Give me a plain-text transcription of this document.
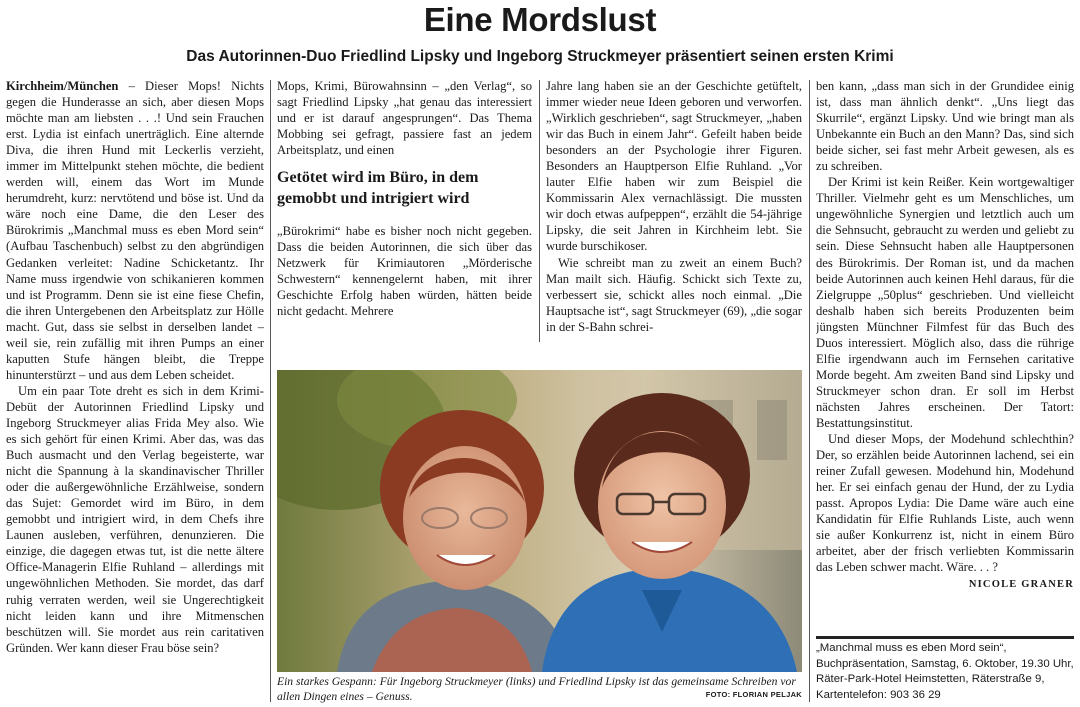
Eine Mordslust
Das Autorinnen-Duo Friedlind Lipsky und Ingeborg Struckmeyer präsentiert seinen ersten Krimi

Kirchheim/München – Dieser Mops! Nichts gegen die Hunderasse an sich, aber diesen Mops möchte man am liebsten . . .! Und sein Frauchen erst. Lydia ist einfach unerträglich. Eine alternde Diva, die ihren Hund mit Leckerlis verzieht, immer im Mittelpunkt stehen möchte, die bedient werden will, einem das Wort im Munde herumdreht, kurz: nervtötend und böse ist. Und da wäre noch eine Dame, die den Leser des Bürokrimis „Manchmal muss es eben Mord sein“ (Aufbau Taschenbuch) selbst zu den abgründigen Gedanken verleitet: Nadine Schicketantz. Ihr Name muss irgendwie von schikanieren kommen und ist Programm. Denn sie ist eine fiese Chefin, die ihren Untergebenen den Arbeitsplatz zur Hölle macht. Gut, dass sie selbst in derselben landet – weil sie, rein zufällig mit ihren Pumps an einer kaputten Stufe hängen bleibt, die Treppe hinunterstürzt – und aus dem Leben scheidet.

Um ein paar Tote dreht es sich in dem Krimi-Debüt der Autorinnen Friedlind Lipsky und Ingeborg Struckmeyer alias Frida Mey also. Wie es sich gehört für einen Krimi. Aber das, was das Buch ausmacht und den Verlag begeisterte, war nicht die Spannung à la skandinavischer Thriller oder die außergewöhnliche Erzählweise, sondern das Sujet: Gemordet wird im Büro, in dem gemobbt und intrigiert wird, in dem Chefs ihre Launen ausleben, verführen, denunzieren. Die einzige, die dagegen etwas tut, ist die nette ältere Office-Managerin Elfie Ruhland – allerdings mit ungewöhnlichen Methoden. Sie mordet, das darf ruhig verraten werden, weil sie Ungerechtigkeit nicht leiden kann und ihre Mitmenschen beschützen will. Sie mordet aus rein caritativen Gründen. Wer kann dieser Frau böse sein?

Mops, Krimi, Bürowahnsinn – „den Verlag“, so sagt Friedlind Lipsky „hat genau das interessiert und er ist darauf angesprungen“. Das Thema Mobbing sei gefragt, passiere fast an jedem Arbeitsplatz, und einen

Getötet wird im Büro, in dem gemobbt und intrigiert wird

„Bürokrimi“ habe es bisher noch nicht gegeben. Dass die beiden Autorinnen, die sich über das Netzwerk für Krimiautoren „Mörderische Schwestern“ kennengelernt haben, mit ihrer Geschichte Erfolg haben würden, hätten beide nicht gedacht. Mehrere

Jahre lang haben sie an der Geschichte getüftelt, immer wieder neue Ideen geboren und verworfen. „Wirklich geschrieben“, sagt Struckmeyer, „haben wir das Buch in einem Jahr“. Gefeilt haben beide besonders an der Psychologie ihrer Figuren. Besonders an Hauptperson Elfie Ruhland. „Vor lauter Elfie haben wir zum Beispiel die Kommissarin Alex vernachlässigt. Die mussten wir doch etwas aufpeppen“, erzählt die 54-jährige Lipsky, die seit Jahren in Kirchheim lebt. Sie wurde burschikoser.

Wie schreibt man zu zweit an einem Buch? Man mailt sich. Häufig. Schickt sich Texte zu, verbessert sie, schickt alles noch einmal. „Die Hauptsache ist“, sagt Struckmeyer (69), „die sogar in der S-Bahn schrei-

ben kann, „dass man sich in der Grundidee einig ist, dass man ähnlich denkt“. „Uns liegt das Skurrile“, ergänzt Lipsky. Und wie bringt man als Unbekannte ein Buch an den Mann? Das, sind sich beide sicher, sei fast mehr Arbeit gewesen, als es zu schreiben.

Der Krimi ist kein Reißer. Kein wortgewaltiger Thriller. Vielmehr geht es um Menschliches, um ungewöhnliche Synergien und letztlich auch um die Sehnsucht, gebraucht zu werden und geliebt zu sein. Diese Sehnsucht haben alle Hauptpersonen des Bürokrimis. Der Roman ist, und da machen beide Autorinnen auch keinen Hehl daraus, für die Zielgruppe „50plus“ geschrieben. Und vielleicht deshalb haben sich bereits Produzenten beim jüngsten Münchner Filmfest für das Buch des Duos interessiert. Möglich also, dass die rührige Elfie irgendwann auch im Fernsehen caritative Morde begeht. Am zweiten Band sind Lipsky und Struckmeyer schon dran. Er soll im Herbst nächsten Jahres erscheinen. Der Tatort: Bestattungsinstitut.

Und dieser Mops, der Modehund schlechthin? Der, so erzählen beide Autorinnen lachend, sei ein reiner Zufall gewesen. Modehund hin, Modehund her. Er sei einfach genau der Hund, der zu Lydia passt. Apropos Lydia: Die Dame wäre auch eine Kandidatin für Elfie Ruhlands Liste, auch wenn sie außer Konkurrenz ist, nicht in einem Büro arbeitet, aber der frisch verliebten Kommissarin das Leben schwer macht. Wäre. . . ?

NICOLE GRANER
Ein starkes Gespann: Für Ingeborg Struckmeyer (links) und Friedlind Lipsky ist das gemeinsame Schreiben vor allen Dingen eines – Genuss.	FOTO: FLORIAN PELJAK
„Manchmal muss es eben Mord sein“, Buchpräsentation, Samstag, 6. Oktober, 19.30 Uhr, Räter-Park-Hotel Heimstetten, Räterstraße 9, Kartentelefon: 903 36 29
